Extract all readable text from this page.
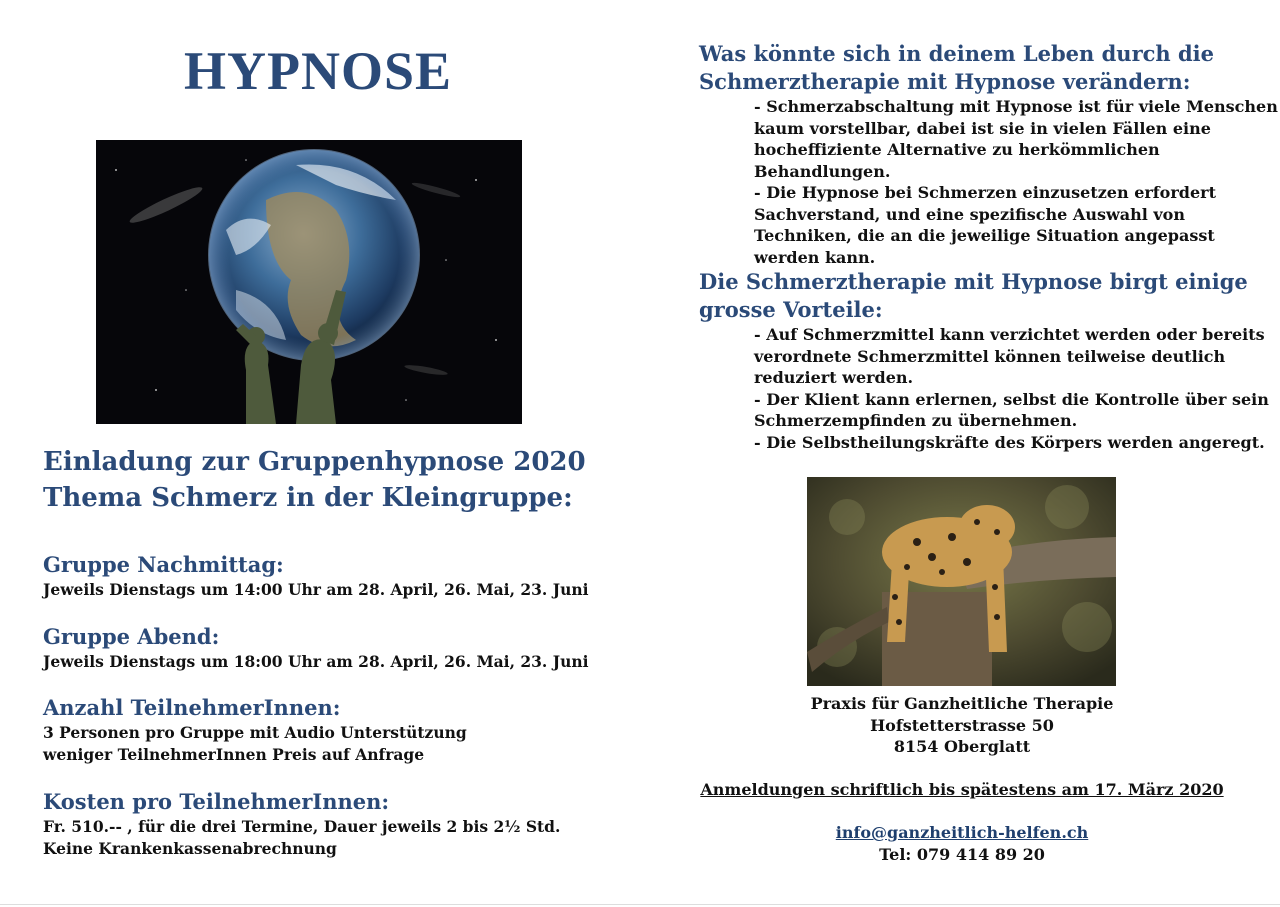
HYPNOSE

Einladung zur Gruppenhypnose 2020

Thema Schmerz in der Kleingruppe:

Gruppe Nachmittag:

Jeweils Dienstags um 14:00 Uhr am 28. April, 26. Mai, 23. Juni

Gruppe Abend:

Jeweils Dienstags um 18:00 Uhr am 28. April, 26. Mai, 23. Juni

Anzahl TeilnehmerInnen:

3 Personen pro Gruppe mit Audio Unterstützung

weniger TeilnehmerInnen Preis auf Anfrage

Kosten pro TeilnehmerInnen:

Fr. 510.-- , für die drei Termine, Dauer jeweils 2 bis 2½ Std.

Keine Krankenkassenabrechnung

Was könnte sich in deinem Leben durch die

Schmerztherapie mit Hypnose verändern:

- Schmerzabschaltung mit Hypnose ist für viele Menschen

kaum vorstellbar, dabei ist sie in vielen Fällen eine

hocheffiziente Alternative zu herkömmlichen

Behandlungen.

- Die Hypnose bei Schmerzen einzusetzen erfordert

Sachverstand, und eine spezifische Auswahl von

Techniken, die an die jeweilige Situation angepasst

werden kann.

Die Schmerztherapie mit Hypnose birgt einige

grosse Vorteile:

- Auf Schmerzmittel kann verzichtet werden oder bereits

verordnete Schmerzmittel können teilweise deutlich

reduziert werden.

- Der Klient kann erlernen, selbst die Kontrolle über sein

Schmerzempfinden zu übernehmen.

- Die Selbstheilungskräfte des Körpers werden angeregt.

Praxis für Ganzheitliche Therapie

Hofstetterstrasse 50

8154 Oberglatt

Anmeldungen schriftlich bis spätestens am 17. März 2020

info@ganzheitlich-helfen.ch

Tel: 079 414 89 20
